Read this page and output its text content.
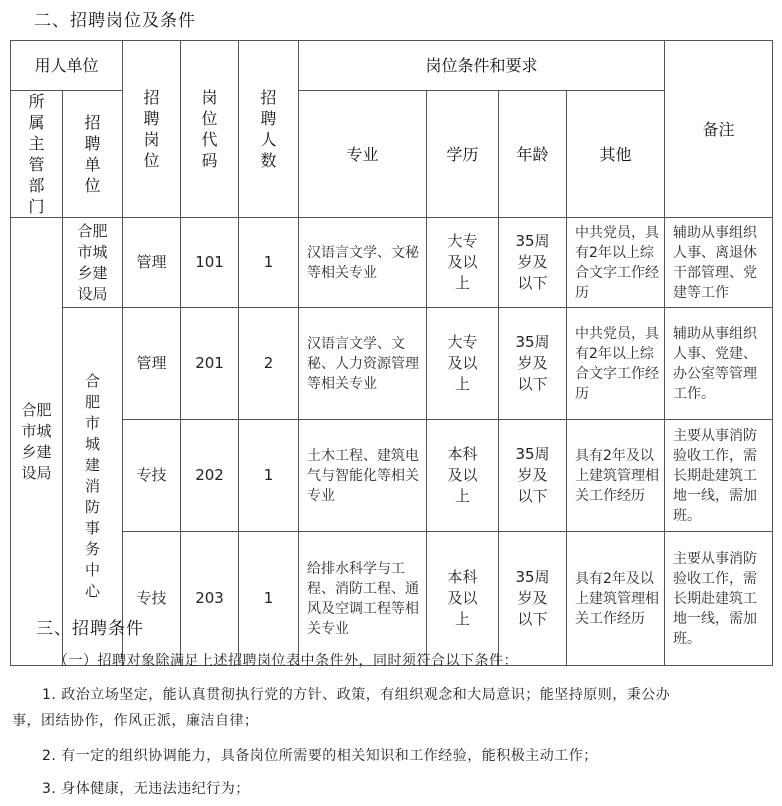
二、招聘岗位及条件
用人单位		招聘岗位	岗位代码	招聘人数	岗位条件和要求				备注
所属主管部门	招聘单位				专业	学历	年龄	其他	
合肥市城乡建设局	合肥市城乡建设局	管理	101	1	汉语言文学、文秘等相关专业	大专及以上	35周岁及以下	中共党员，具有2年以上综合文字工作经历	辅助从事组织人事、离退休干部管理、党建等工作
	合肥市城建消防事务中心	管理	201	2	汉语言文学、文秘、人力资源管理等相关专业	大专及以上	35周岁及以下	中共党员，具有2年以上综合文字工作经历	辅助从事组织人事、党建、办公室等管理工作。
		专技	202	1	土木工程、建筑电气与智能化等相关专业	本科及以上	35周岁及以下	具有2年及以上建筑管理相关工作经历	主要从事消防验收工作，需长期赴建筑工地一线，需加班。
		专技	203	1	给排水科学与工程、消防工程、通风及空调工程等相关专业	本科及以上	35周岁及以下	具有2年及以上建筑管理相关工作经历	主要从事消防验收工作，需长期赴建筑工地一线，需加班。
三、招聘条件
（一）招聘对象除满足上述招聘岗位表中条件外，同时须符合以下条件：
1. 政治立场坚定，能认真贯彻执行党的方针、政策，有组织观念和大局意识；能坚持原则，秉公办
事，团结协作，作风正派，廉洁自律；
2. 有一定的组织协调能力，具备岗位所需要的相关知识和工作经验，能积极主动工作；
3. 身体健康，无违法违纪行为；
